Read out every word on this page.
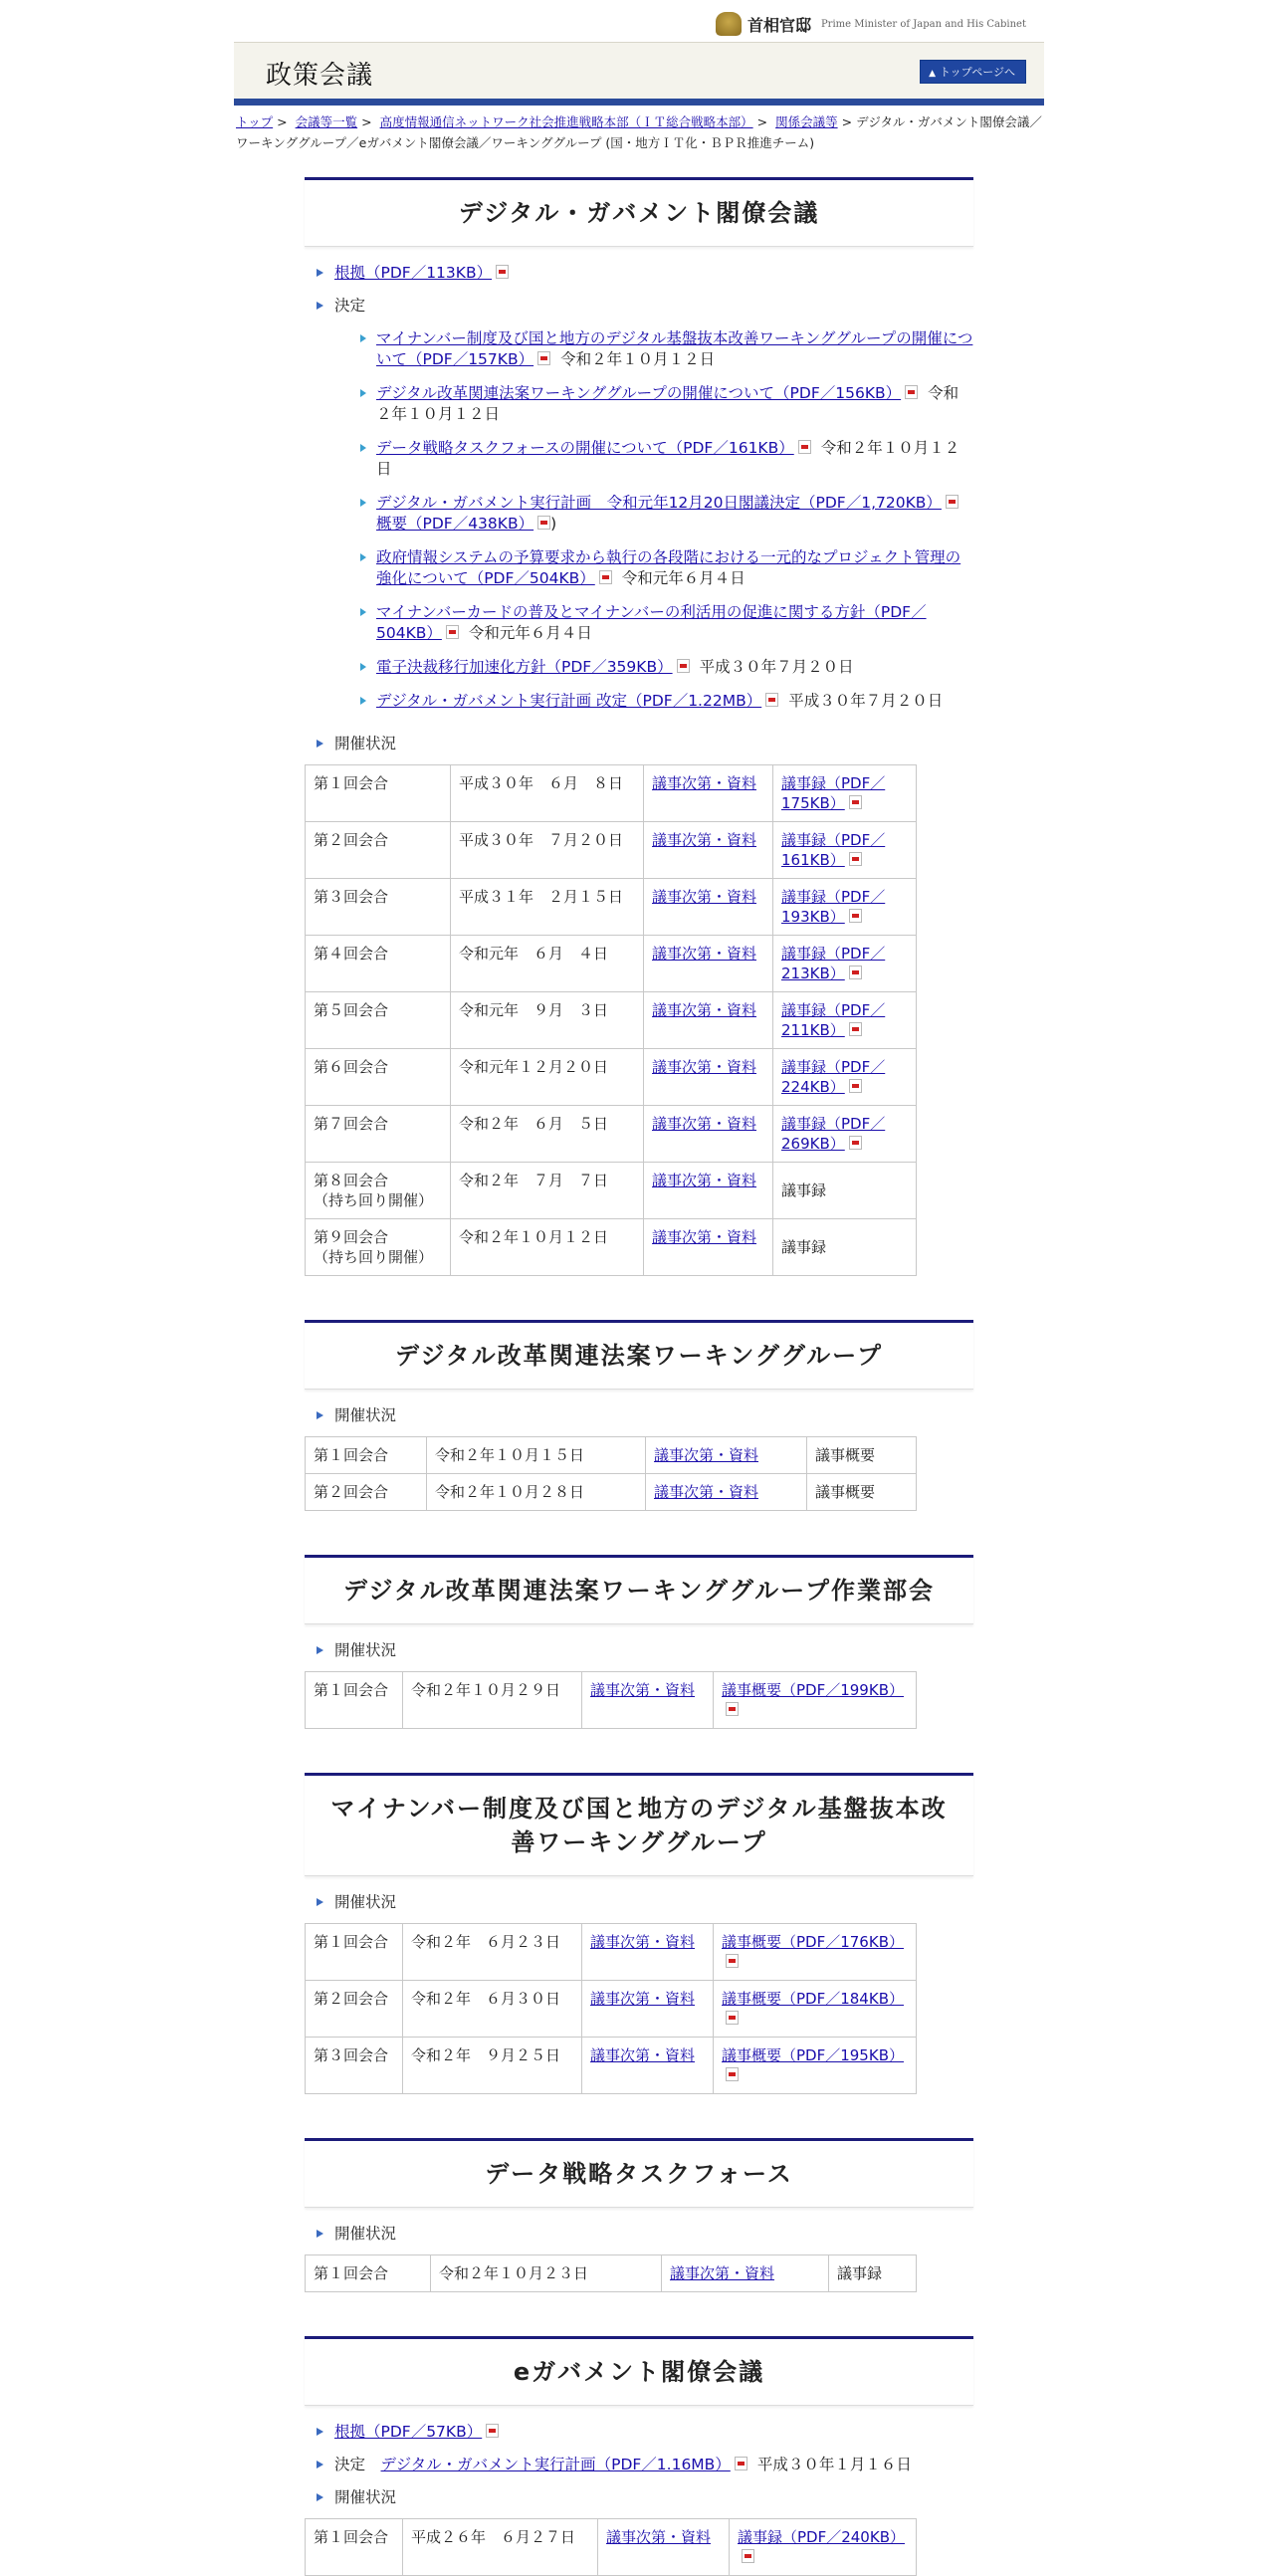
首相官邸 Prime Minister of Japan and His Cabinet
政策会議	▲ トップページへ
トップ > 会議等一覧 > 高度情報通信ネットワーク社会推進戦略本部（ＩＴ総合戦略本部） > 関係会議等 > デジタル・ガバメント閣僚会議／ワーキンググループ／eガバメント閣僚会議／ワーキンググループ (国・地方ＩＴ化・ＢＰＲ推進チーム)
デジタル・ガバメント閣僚会議
根拠（PDF／113KB）
決定
マイナンバー制度及び国と地方のデジタル基盤抜本改善ワーキンググループの開催について（PDF／157KB） 令和２年１０月１２日
デジタル改革関連法案ワーキンググループの開催について（PDF／156KB） 令和２年１０月１２日
データ戦略タスクフォースの開催について（PDF／161KB） 令和２年１０月１２日
デジタル・ガバメント実行計画　令和元年12月20日閣議決定（PDF／1,720KB）　概要（PDF／438KB） )
政府情報システムの予算要求から執行の各段階における一元的なプロジェクト管理の強化について（PDF／504KB） 令和元年６月４日
マイナンバーカードの普及とマイナンバーの利活用の促進に関する方針（PDF／504KB） 令和元年６月４日
電子決裁移行加速化方針（PDF／359KB） 平成３０年７月２０日
デジタル・ガバメント実行計画 改定（PDF／1.22MB） 平成３０年７月２０日
開催状況
第１回会合	平成３０年　６月　８日	議事次第・資料	議事録（PDF／175KB）
第２回会合	平成３０年　７月２０日	議事次第・資料	議事録（PDF／161KB）
第３回会合	平成３１年　２月１５日	議事次第・資料	議事録（PDF／193KB）
第４回会合	令和元年　６月　４日	議事次第・資料	議事録（PDF／213KB）
第５回会合	令和元年　９月　３日	議事次第・資料	議事録（PDF／211KB）
第６回会合	令和元年１２月２０日	議事次第・資料	議事録（PDF／224KB）
第７回会合	令和２年　６月　５日	議事次第・資料	議事録（PDF／269KB）
第８回会合
（持ち回り開催）	令和２年　７月　７日	議事次第・資料	議事録
第９回会合
（持ち回り開催）	令和２年１０月１２日	議事次第・資料	議事録
デジタル改革関連法案ワーキンググループ
開催状況
第１回会合	令和２年１０月１５日	議事次第・資料	議事概要
第２回会合	令和２年１０月２８日	議事次第・資料	議事概要
デジタル改革関連法案ワーキンググループ作業部会
開催状況
第１回会合	令和２年１０月２９日	議事次第・資料	議事概要（PDF／199KB）
マイナンバー制度及び国と地方のデジタル基盤抜本改善ワーキンググループ
開催状況
第１回会合	令和２年　６月２３日	議事次第・資料	議事概要（PDF／176KB）
第２回会合	令和２年　６月３０日	議事次第・資料	議事概要（PDF／184KB）
第３回会合	令和２年　９月２５日	議事次第・資料	議事概要（PDF／195KB）
データ戦略タスクフォース
開催状況
第１回会合	令和２年１０月２３日	議事次第・資料	議事録
eガバメント閣僚会議
根拠（PDF／57KB）
決定　 デジタル・ガバメント実行計画（PDF／1.16MB） 平成３０年１月１６日
開催状況
第１回会合	平成２６年　６月２７日	議事次第・資料	議事録（PDF／240KB）
